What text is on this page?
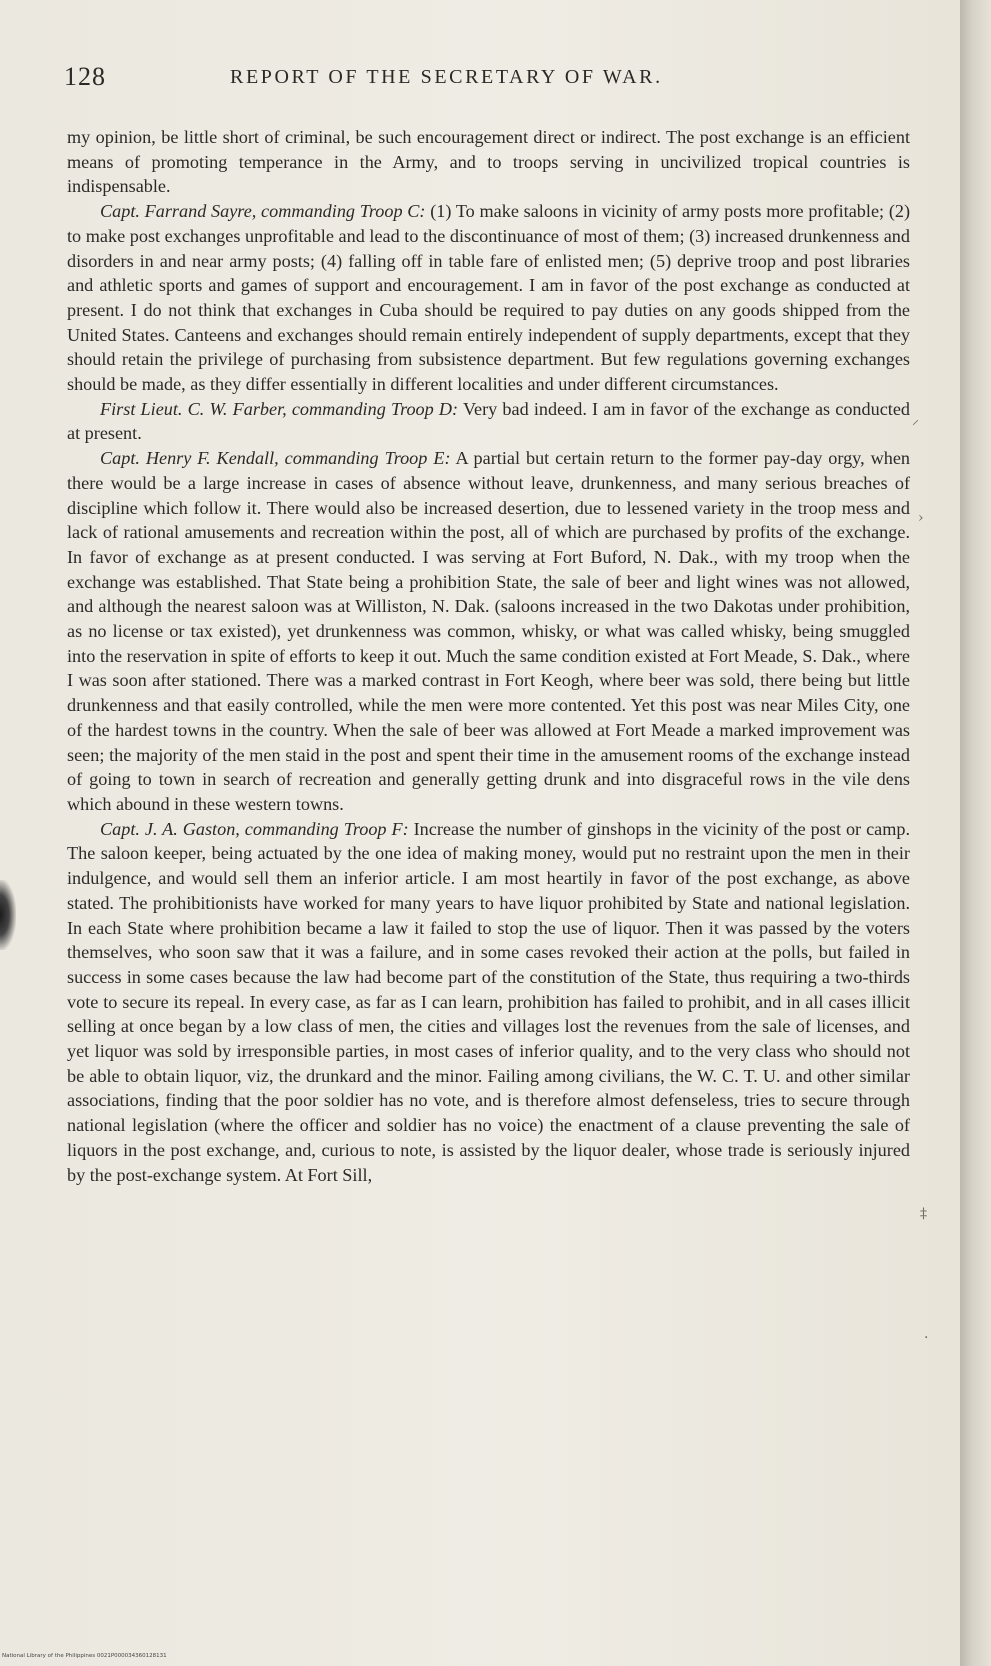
⸝
›
‡
·
128	REPORT OF THE SECRETARY OF WAR.

my opinion, be little short of criminal, be such encouragement direct or indirect. The post exchange is an efficient means of promoting temperance in the Army, and to troops serving in uncivilized tropical countries is indispensable.

Capt. Farrand Sayre, commanding Troop C: (1) To make saloons in vicinity of army posts more profitable; (2) to make post exchanges unprofitable and lead to the discontinuance of most of them; (3) increased drunkenness and disorders in and near army posts; (4) falling off in table fare of enlisted men; (5) deprive troop and post libraries and athletic sports and games of support and encouragement. I am in favor of the post exchange as conducted at present. I do not think that exchanges in Cuba should be required to pay duties on any goods shipped from the United States. Canteens and exchanges should remain entirely independent of supply departments, except that they should retain the privilege of purchasing from subsistence department. But few regulations governing exchanges should be made, as they differ essentially in different localities and under different circumstances.

First Lieut. C. W. Farber, commanding Troop D: Very bad indeed. I am in favor of the exchange as conducted at present.

Capt. Henry F. Kendall, commanding Troop E: A partial but certain return to the former pay-day orgy, when there would be a large increase in cases of absence without leave, drunkenness, and many serious breaches of discipline which follow it. There would also be increased desertion, due to lessened variety in the troop mess and lack of rational amusements and recreation within the post, all of which are purchased by profits of the exchange. In favor of exchange as at present conducted. I was serving at Fort Buford, N. Dak., with my troop when the exchange was established. That State being a prohibition State, the sale of beer and light wines was not allowed, and although the nearest saloon was at Williston, N. Dak. (saloons increased in the two Dakotas under prohibition, as no license or tax existed), yet drunkenness was common, whisky, or what was called whisky, being smuggled into the reservation in spite of efforts to keep it out. Much the same condition existed at Fort Meade, S. Dak., where I was soon after stationed. There was a marked contrast in Fort Keogh, where beer was sold, there being but little drunkenness and that easily controlled, while the men were more contented. Yet this post was near Miles City, one of the hardest towns in the country. When the sale of beer was allowed at Fort Meade a marked improvement was seen; the majority of the men staid in the post and spent their time in the amusement rooms of the exchange instead of going to town in search of recreation and generally getting drunk and into disgraceful rows in the vile dens which abound in these western towns.

Capt. J. A. Gaston, commanding Troop F: Increase the number of ginshops in the vicinity of the post or camp. The saloon keeper, being actuated by the one idea of making money, would put no restraint upon the men in their indulgence, and would sell them an inferior article. I am most heartily in favor of the post exchange, as above stated. The prohibitionists have worked for many years to have liquor prohibited by State and national legislation. In each State where prohibition became a law it failed to stop the use of liquor. Then it was passed by the voters themselves, who soon saw that it was a failure, and in some cases revoked their action at the polls, but failed in success in some cases because the law had become part of the constitution of the State, thus requiring a two-thirds vote to secure its repeal. In every case, as far as I can learn, prohibition has failed to prohibit, and in all cases illicit selling at once began by a low class of men, the cities and villages lost the revenues from the sale of licenses, and yet liquor was sold by irresponsible parties, in most cases of inferior quality, and to the very class who should not be able to obtain liquor, viz, the drunkard and the minor. Failing among civilians, the W. C. T. U. and other similar associations, finding that the poor soldier has no vote, and is therefore almost defenseless, tries to secure through national legislation (where the officer and soldier has no voice) the enactment of a clause preventing the sale of liquors in the post exchange, and, curious to note, is assisted by the liquor dealer, whose trade is seriously injured by the post-exchange system. At Fort Sill,

National Library of the Philippines 0021P000034360128131
